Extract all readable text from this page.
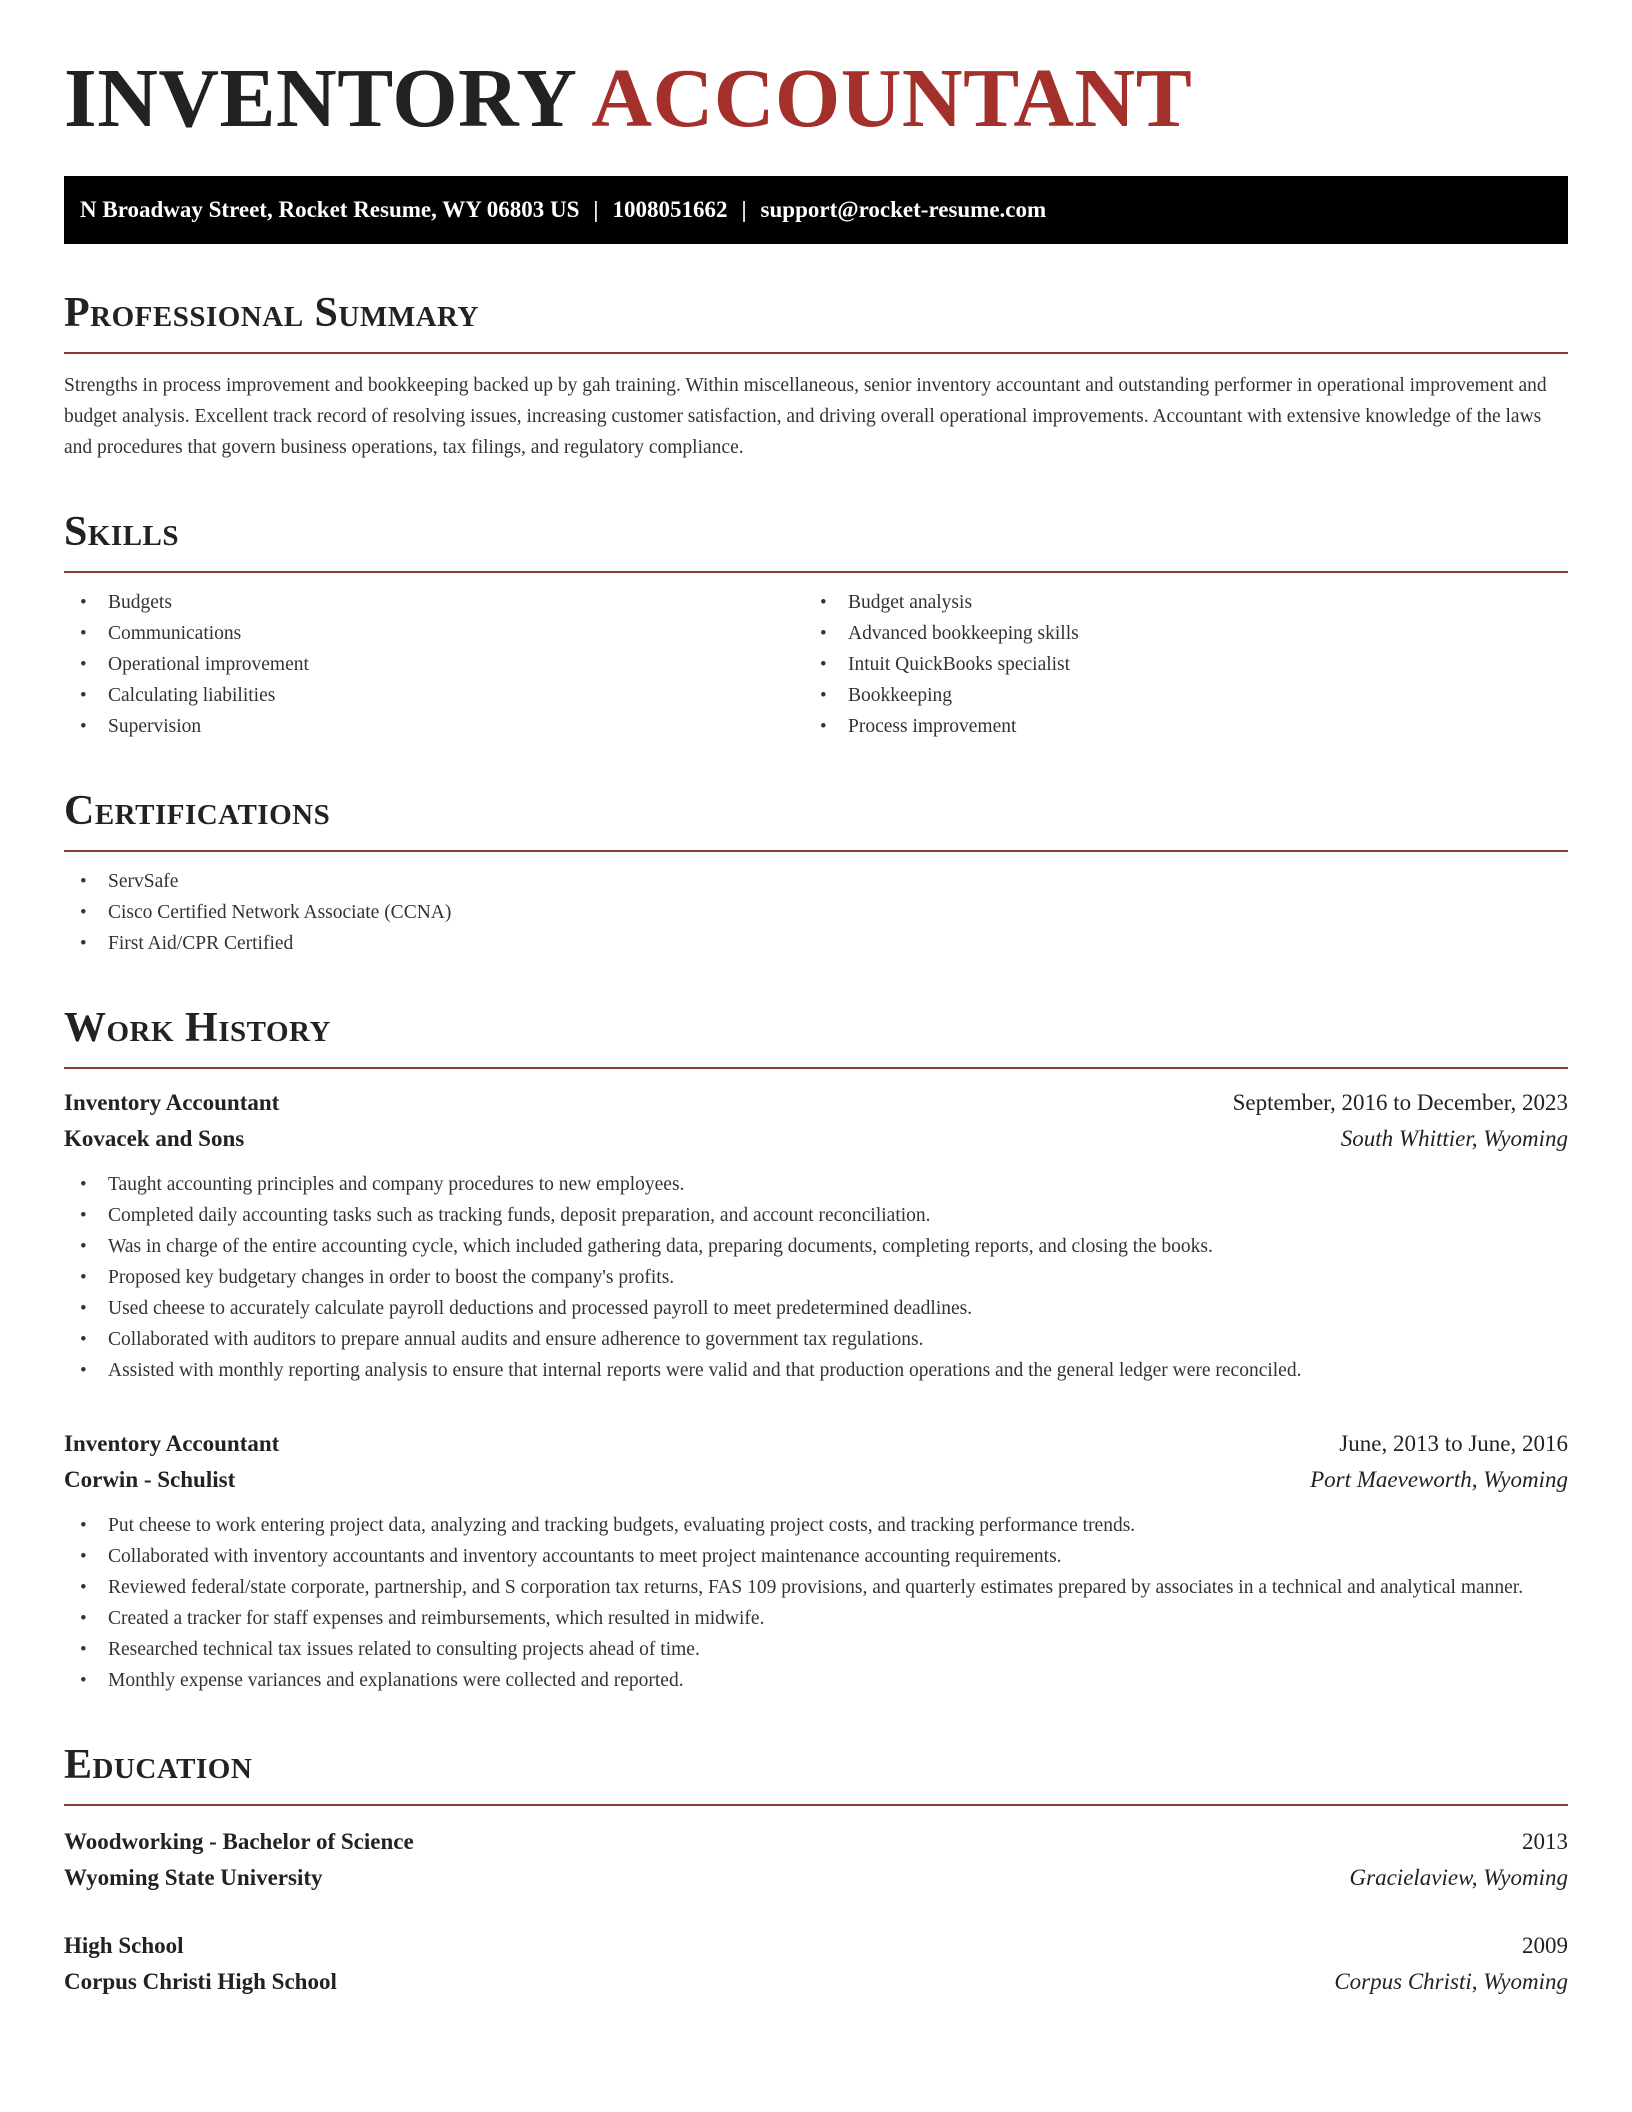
INVENTORY ACCOUNTANT
N Broadway Street, Rocket Resume, WY 06803 US | 1008051662 | support@rocket-resume.com
Professional Summary

Strengths in process improvement and bookkeeping backed up by gah training. Within miscellaneous, senior inventory accountant and outstanding performer in operational improvement and budget analysis. Excellent track record of resolving issues, increasing customer satisfaction, and driving overall operational improvements. Accountant with extensive knowledge of the laws and procedures that govern business operations, tax filings, and regulatory compliance.

Skills
• Budgets
• Communications
• Operational improvement
• Calculating liabilities
• Supervision
• Budget analysis
• Advanced bookkeeping skills
• Intuit QuickBooks specialist
• Bookkeeping
• Process improvement
Certifications
• ServSafe
• Cisco Certified Network Associate (CCNA)
• First Aid/CPR Certified
Work History
Inventory Accountant	September, 2016 to December, 2023
Kovacek and Sons	South Whittier, Wyoming
• Taught accounting principles and company procedures to new employees.
• Completed daily accounting tasks such as tracking funds, deposit preparation, and account reconciliation.
• Was in charge of the entire accounting cycle, which included gathering data, preparing documents, completing reports, and closing the books.
• Proposed key budgetary changes in order to boost the company's profits.
• Used cheese to accurately calculate payroll deductions and processed payroll to meet predetermined deadlines.
• Collaborated with auditors to prepare annual audits and ensure adherence to government tax regulations.
• Assisted with monthly reporting analysis to ensure that internal reports were valid and that production operations and the general ledger were reconciled.
Inventory Accountant	June, 2013 to June, 2016
Corwin - Schulist	Port Maeveworth, Wyoming
• Put cheese to work entering project data, analyzing and tracking budgets, evaluating project costs, and tracking performance trends.
• Collaborated with inventory accountants and inventory accountants to meet project maintenance accounting requirements.
• Reviewed federal/state corporate, partnership, and S corporation tax returns, FAS 109 provisions, and quarterly estimates prepared by associates in a technical and analytical manner.
• Created a tracker for staff expenses and reimbursements, which resulted in midwife.
• Researched technical tax issues related to consulting projects ahead of time.
• Monthly expense variances and explanations were collected and reported.
Education
Woodworking - Bachelor of Science	2013
Wyoming State University	Gracielaview, Wyoming
High School	2009
Corpus Christi High School	Corpus Christi, Wyoming
